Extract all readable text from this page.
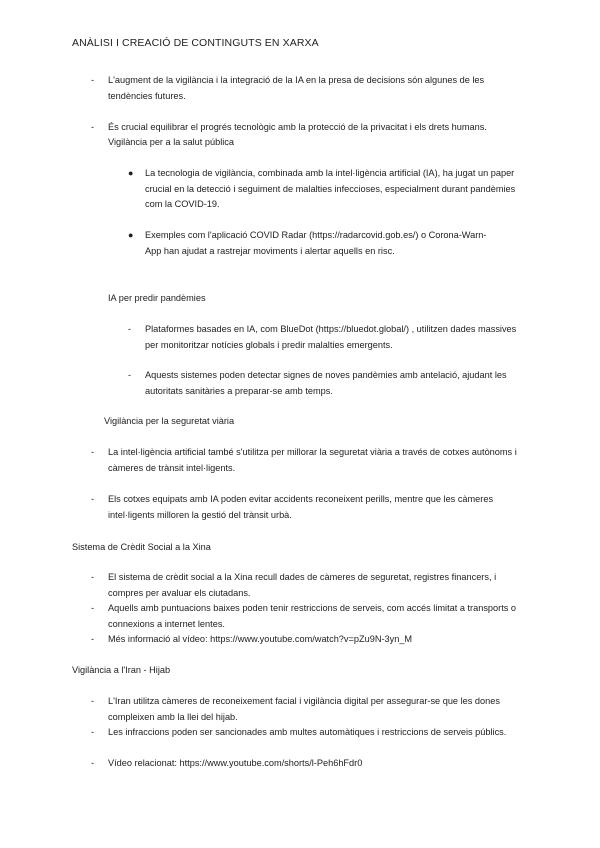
ANÀLISI I CREACIÓ DE CONTINGUTS EN XARXA
- L'augment de la vigilància i la integració de la IA en la presa de decisions són algunes de les tendències futures.
- És crucial equilibrar el progrés tecnològic amb la protecció de la privacitat i els drets humans.
Vigilància per a la salut pública
● La tecnologia de vigilància, combinada amb la intel·ligència artificial (IA), ha jugat un paper crucial en la detecció i seguiment de malalties infeccioses, especialment durant pandèmies com la COVID-19.
● Exemples com l'aplicació COVID Radar (https://radarcovid.gob.es/) o Corona-Warn-App han ajudat a rastrejar moviments i alertar aquells en risc.
IA per predir pandèmies
- Plataformes basades en IA, com BlueDot (https://bluedot.global/) , utilitzen dades massives per monitoritzar notícies globals i predir malalties emergents.
- Aquests sistemes poden detectar signes de noves pandèmies amb antelació, ajudant les autoritats sanitàries a preparar-se amb temps.
Vigilància per la seguretat viària
- La intel·ligència artificial també s'utilitza per millorar la seguretat viària a través de cotxes autònoms i càmeres de trànsit intel·ligents.
- Els cotxes equipats amb IA poden evitar accidents reconeixent perills, mentre que les càmeres intel·ligents milloren la gestió del trànsit urbà.
Sistema de Crèdit Social a la Xina
- El sistema de crèdit social a la Xina recull dades de càmeres de seguretat, registres financers, i compres per avaluar els ciutadans.
- Aquells amb puntuacions baixes poden tenir restriccions de serveis, com accés limitat a transports o connexions a internet lentes.
- Més informació al vídeo: https://www.youtube.com/watch?v=pZu9N-3yn_M
Vigilància a l'Iran - Hijab
- L'Iran utilitza càmeres de reconeixement facial i vigilància digital per assegurar-se que les dones compleixen amb la llei del hijab.
- Les infraccions poden ser sancionades amb multes automàtiques i restriccions de serveis públics.
- Vídeo relacionat: https://www.youtube.com/shorts/l-Peh6hFdr0
